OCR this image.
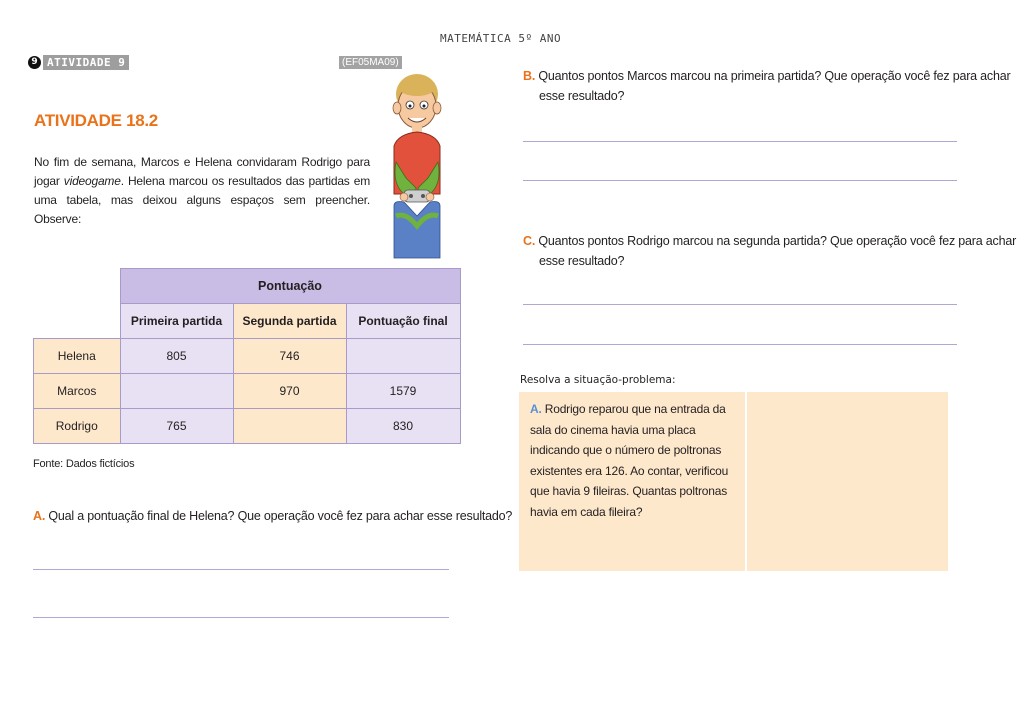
MATEMÁTICA 5º ANO
9 ATIVIDADE 9	(EF05MA09)
ATIVIDADE 18.2
No fim de semana, Marcos e Helena convidaram Rodrigo para jogar videogame. Helena marcou os resultados das partidas em uma tabela, mas deixou alguns espaços sem preencher. Observe:
	Pontuação		
	Primeira partida	Segunda partida	Pontuação final
Helena	805	746	
Marcos		970	1579
Rodrigo	765		830
Fonte: Dados fictícios
A. Qual a pontuação final de Helena? Que operação você fez para achar esse resultado?
B. Quantos pontos Marcos marcou na primeira partida? Que operação você fez para achar
esse resultado?
C. Quantos pontos Rodrigo marcou na segunda partida? Que operação você fez para achar
esse resultado?
Resolva a situação-problema:
A. Rodrigo reparou que na entrada da sala do cinema havia uma placa indicando que o número de poltronas existentes era 126. Ao contar, verificou que havia 9 fileiras. Quantas poltronas havia em cada fileira?
